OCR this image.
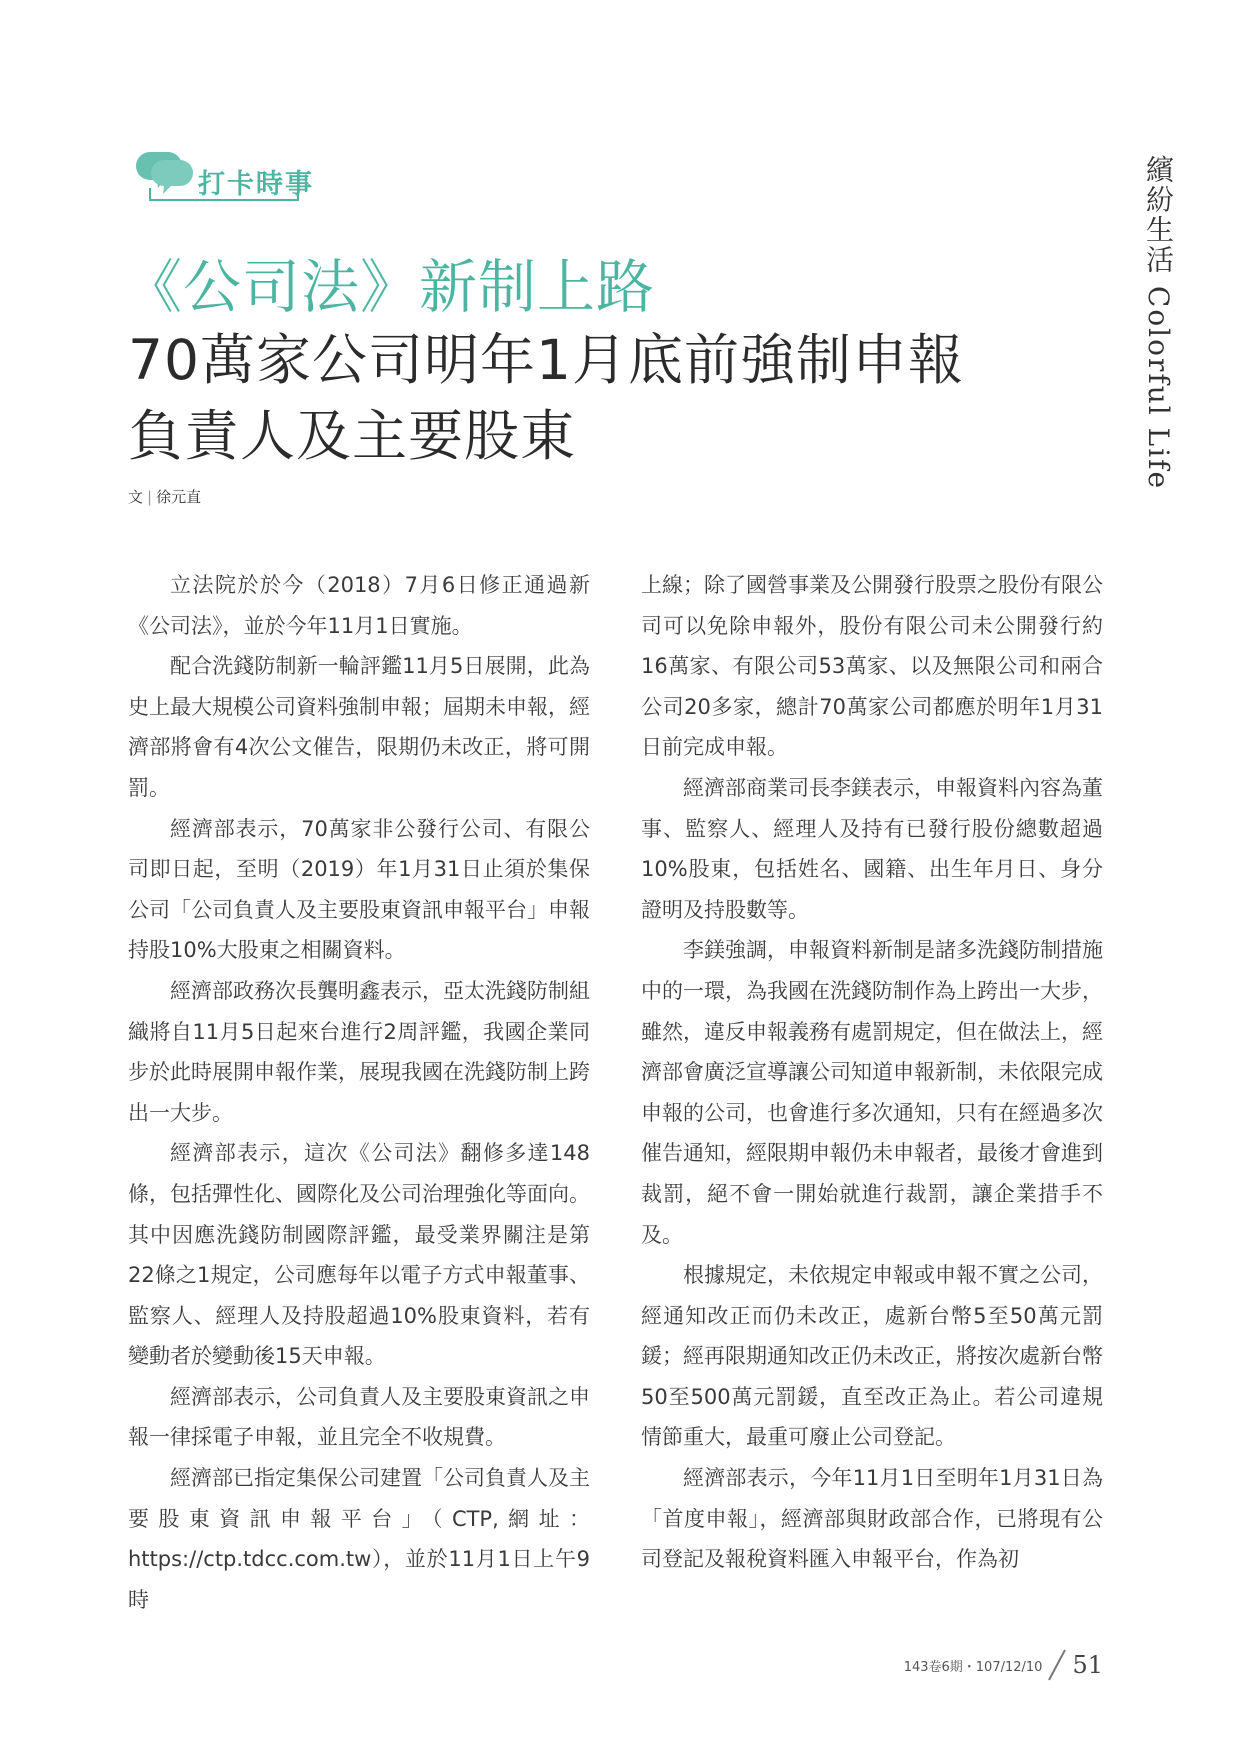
打卡時事	繽紛生活 Colorful Life
《公司法》新制上路
70萬家公司明年1月底前強制申報
負責人及主要股東
文 | 徐元直

立法院於於今（2018）7月6日修正通過新《公司法》，並於今年11月1日實施。

配合洗錢防制新一輪評鑑11月5日展開，此為史上最大規模公司資料強制申報；屆期未申報，經濟部將會有4次公文催告，限期仍未改正，將可開罰。

經濟部表示，70萬家非公發行公司、有限公司即日起，至明（2019）年1月31日止須於集保公司「公司負責人及主要股東資訊申報平台」申報持股10%大股東之相關資料。

經濟部政務次長龔明鑫表示，亞太洗錢防制組織將自11月5日起來台進行2周評鑑，我國企業同步於此時展開申報作業，展現我國在洗錢防制上跨出一大步。

經濟部表示，這次《公司法》翻修多達148條，包括彈性化、國際化及公司治理強化等面向。其中因應洗錢防制國際評鑑，最受業界關注是第22條之1規定，公司應每年以電子方式申報董事、監察人、經理人及持股超過10%股東資料，若有變動者於變動後15天申報。

經濟部表示，公司負責人及主要股東資訊之申報一律採電子申報，並且完全不收規費。

經濟部已指定集保公司建置「公司負責人及主要股東資訊申報平台」（CTP,網址：https://ctp.tdcc.com.tw），並於11月1日上午9時

上線；除了國營事業及公開發行股票之股份有限公司可以免除申報外，股份有限公司未公開發行約16萬家、有限公司53萬家、以及無限公司和兩合公司20多家，總計70萬家公司都應於明年1月31日前完成申報。

經濟部商業司長李鎂表示，申報資料內容為董事、監察人、經理人及持有已發行股份總數超過10%股東，包括姓名、國籍、出生年月日、身分證明及持股數等。

李鎂強調，申報資料新制是諸多洗錢防制措施中的一環，為我國在洗錢防制作為上跨出一大步，雖然，違反申報義務有處罰規定，但在做法上，經濟部會廣泛宣導讓公司知道申報新制，未依限完成申報的公司，也會進行多次通知，只有在經過多次催告通知，經限期申報仍未申報者，最後才會進到裁罰，絕不會一開始就進行裁罰，讓企業措手不及。

根據規定，未依規定申報或申報不實之公司，經通知改正而仍未改正，處新台幣5至50萬元罰鍰；經再限期通知改正仍未改正，將按次處新台幣50至500萬元罰鍰，直至改正為止。若公司違規情節重大，最重可廢止公司登記。

經濟部表示，今年11月1日至明年1月31日為「首度申報」，經濟部與財政部合作，已將現有公司登記及報稅資料匯入申報平台，作為初

143卷6期・107/12/10 51
